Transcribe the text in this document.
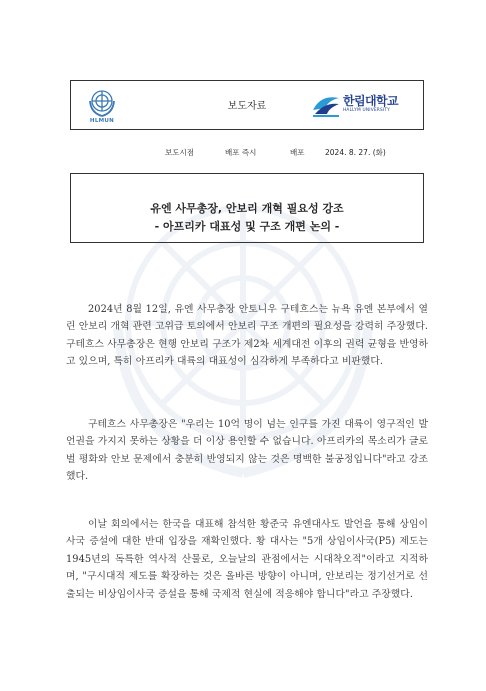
HLMUN
보도자료	한림대학교
HALLYM UNIVERSITY
보도시점	배포 즉시	배포	2024. 8. 27. (화)
유엔 사무총장, 안보리 개혁 필요성 강조
- 아프리카 대표성 및 구조 개편 논의 -
2024년 8월 12일, 유엔 사무총장 안토니우 구테흐스는 뉴욕 유엔 본부에서 열린 안보리 개혁 관련 고위급 토의에서 안보리 구조 개편의 필요성을 강력히 주장했다. 구테흐스 사무총장은 현행 안보리 구조가 제2차 세계대전 이후의 권력 균형을 반영하고 있으며, 특히 아프리카 대륙의 대표성이 심각하게 부족하다고 비판했다.
구테흐스 사무총장은 "우리는 10억 명이 넘는 인구를 가진 대륙이 영구적인 발언권을 가지지 못하는 상황을 더 이상 용인할 수 없습니다. 아프리카의 목소리가 글로벌 평화와 안보 문제에서 충분히 반영되지 않는 것은 명백한 불공정입니다"라고 강조했다.
이날 회의에서는 한국을 대표해 참석한 황준국 유엔대사도 발언을 통해 상임이사국 증설에 대한 반대 입장을 재확인했다. 황 대사는 "5개 상임이사국(P5) 제도는 1945년의 독특한 역사적 산물로, 오늘날의 관점에서는 시대착오적"이라고 지적하며, "구시대적 제도를 확장하는 것은 올바른 방향이 아니며, 안보리는 정기선거로 선출되는 비상임이사국 증설을 통해 국제적 현실에 적응해야 합니다"라고 주장했다.
